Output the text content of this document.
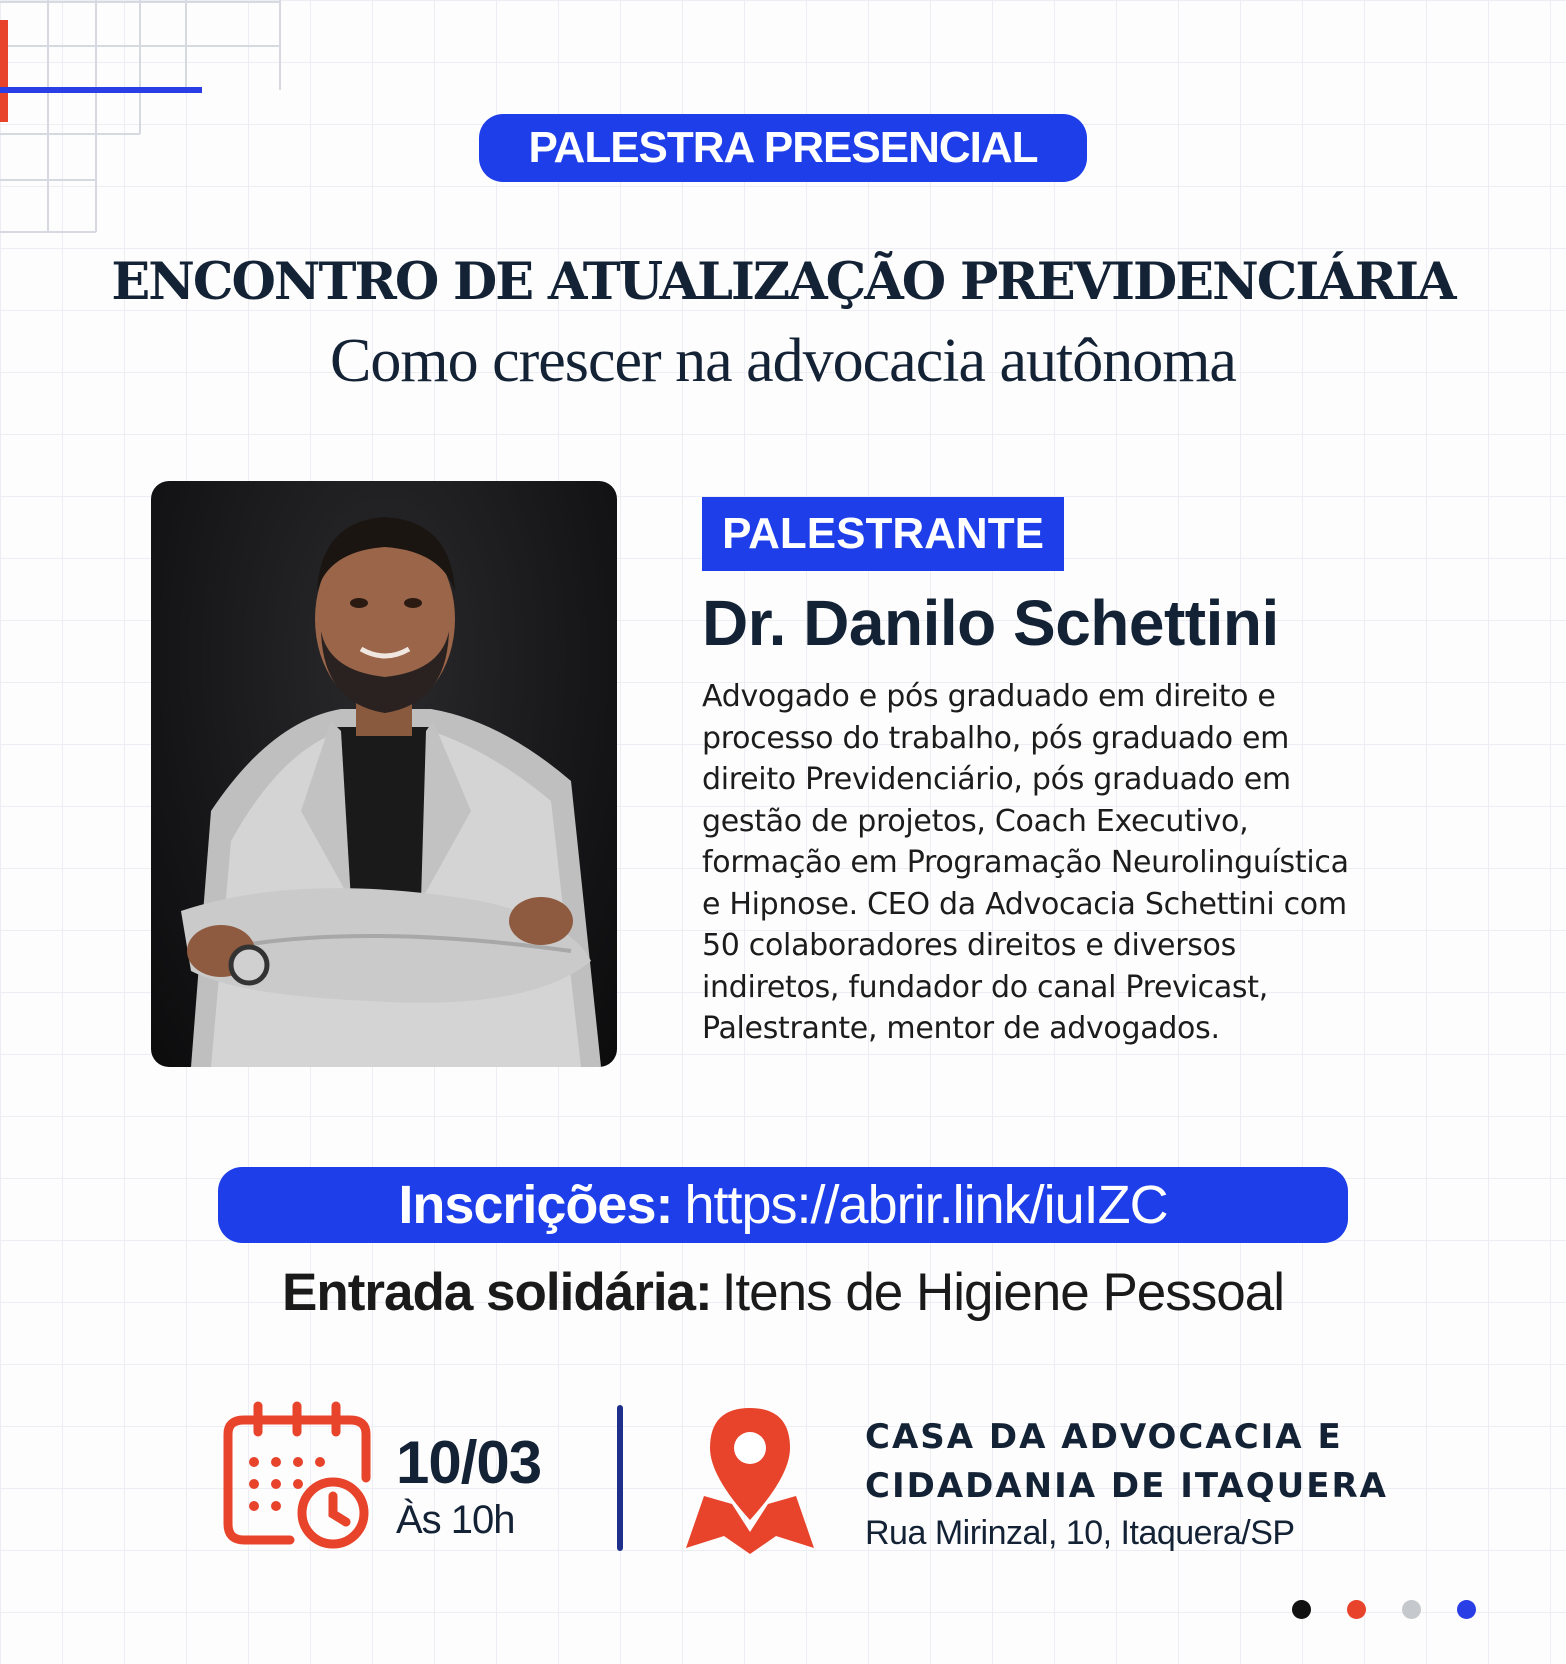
PALESTRA PRESENCIAL
ENCONTRO DE ATUALIZAÇÃO PREVIDENCIÁRIA
Como crescer na advocacia autônoma
PALESTRANTE
Dr. Danilo Schettini
Advogado e pós graduado em direito e
processo do trabalho, pós graduado em
direito Previdenciário, pós graduado em
gestão de projetos, Coach Executivo,
formação em Programação Neurolinguística
e Hipnose. CEO da Advocacia Schettini com
50 colaboradores direitos e diversos
indiretos, fundador do canal Previcast,
Palestrante, mentor de advogados.
Inscrições: https://abrir.link/iuIZC
Entrada solidária: Itens de Higiene Pessoal
10/03
Às 10h
CASA DA ADVOCACIA E
CIDADANIA DE ITAQUERA
Rua Mirinzal, 10, Itaquera/SP
